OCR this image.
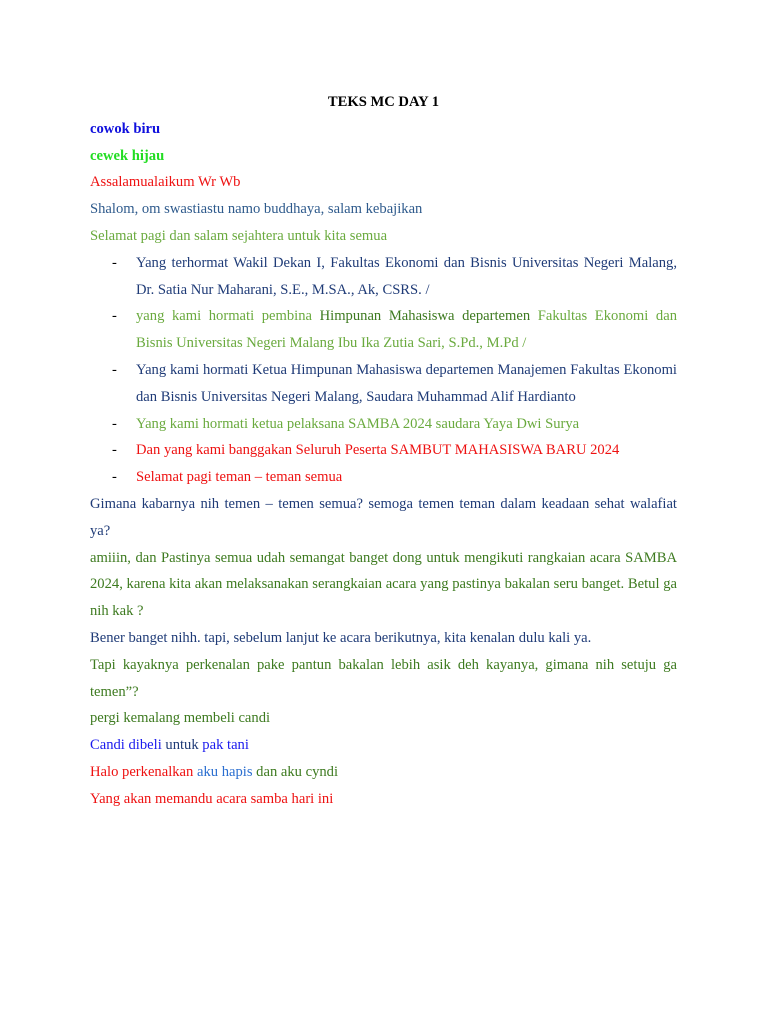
TEKS MC DAY 1

cowok biru

cewek hijau

Assalamualaikum Wr Wb

Shalom, om swastiastu namo buddhaya, salam kebajikan

Selamat pagi dan salam sejahtera untuk kita semua

- Yang terhormat Wakil Dekan I, Fakultas Ekonomi dan Bisnis Universitas Negeri Malang, Dr. Satia Nur Maharani, S.E., M.SA., Ak, CSRS. /
- yang kami hormati pembina Himpunan Mahasiswa departemen Fakultas Ekonomi dan Bisnis Universitas Negeri Malang Ibu Ika Zutia Sari, S.Pd., M.Pd /
- Yang kami hormati Ketua Himpunan Mahasiswa departemen Manajemen Fakultas Ekonomi dan Bisnis Universitas Negeri Malang, Saudara Muhammad Alif Hardianto
- Yang kami hormati ketua pelaksana SAMBA 2024 saudara Yaya Dwi Surya
- Dan yang kami banggakan Seluruh Peserta SAMBUT MAHASISWA BARU 2024
- Selamat pagi teman – teman semua

Gimana kabarnya nih temen – temen semua? semoga temen teman dalam keadaan sehat walafiat ya?

amiiin, dan Pastinya semua udah semangat banget dong untuk mengikuti rangkaian acara SAMBA 2024, karena kita akan melaksanakan serangkaian acara yang pastinya bakalan seru banget. Betul ga nih kak ?

Bener banget nihh. tapi, sebelum lanjut ke acara berikutnya, kita kenalan dulu kali ya.

Tapi kayaknya perkenalan pake pantun bakalan lebih asik deh kayanya, gimana nih setuju ga temen”?

pergi kemalang membeli candi

Candi dibeli untuk pak tani

Halo perkenalkan aku hapis dan aku cyndi

Yang akan memandu acara samba hari ini
